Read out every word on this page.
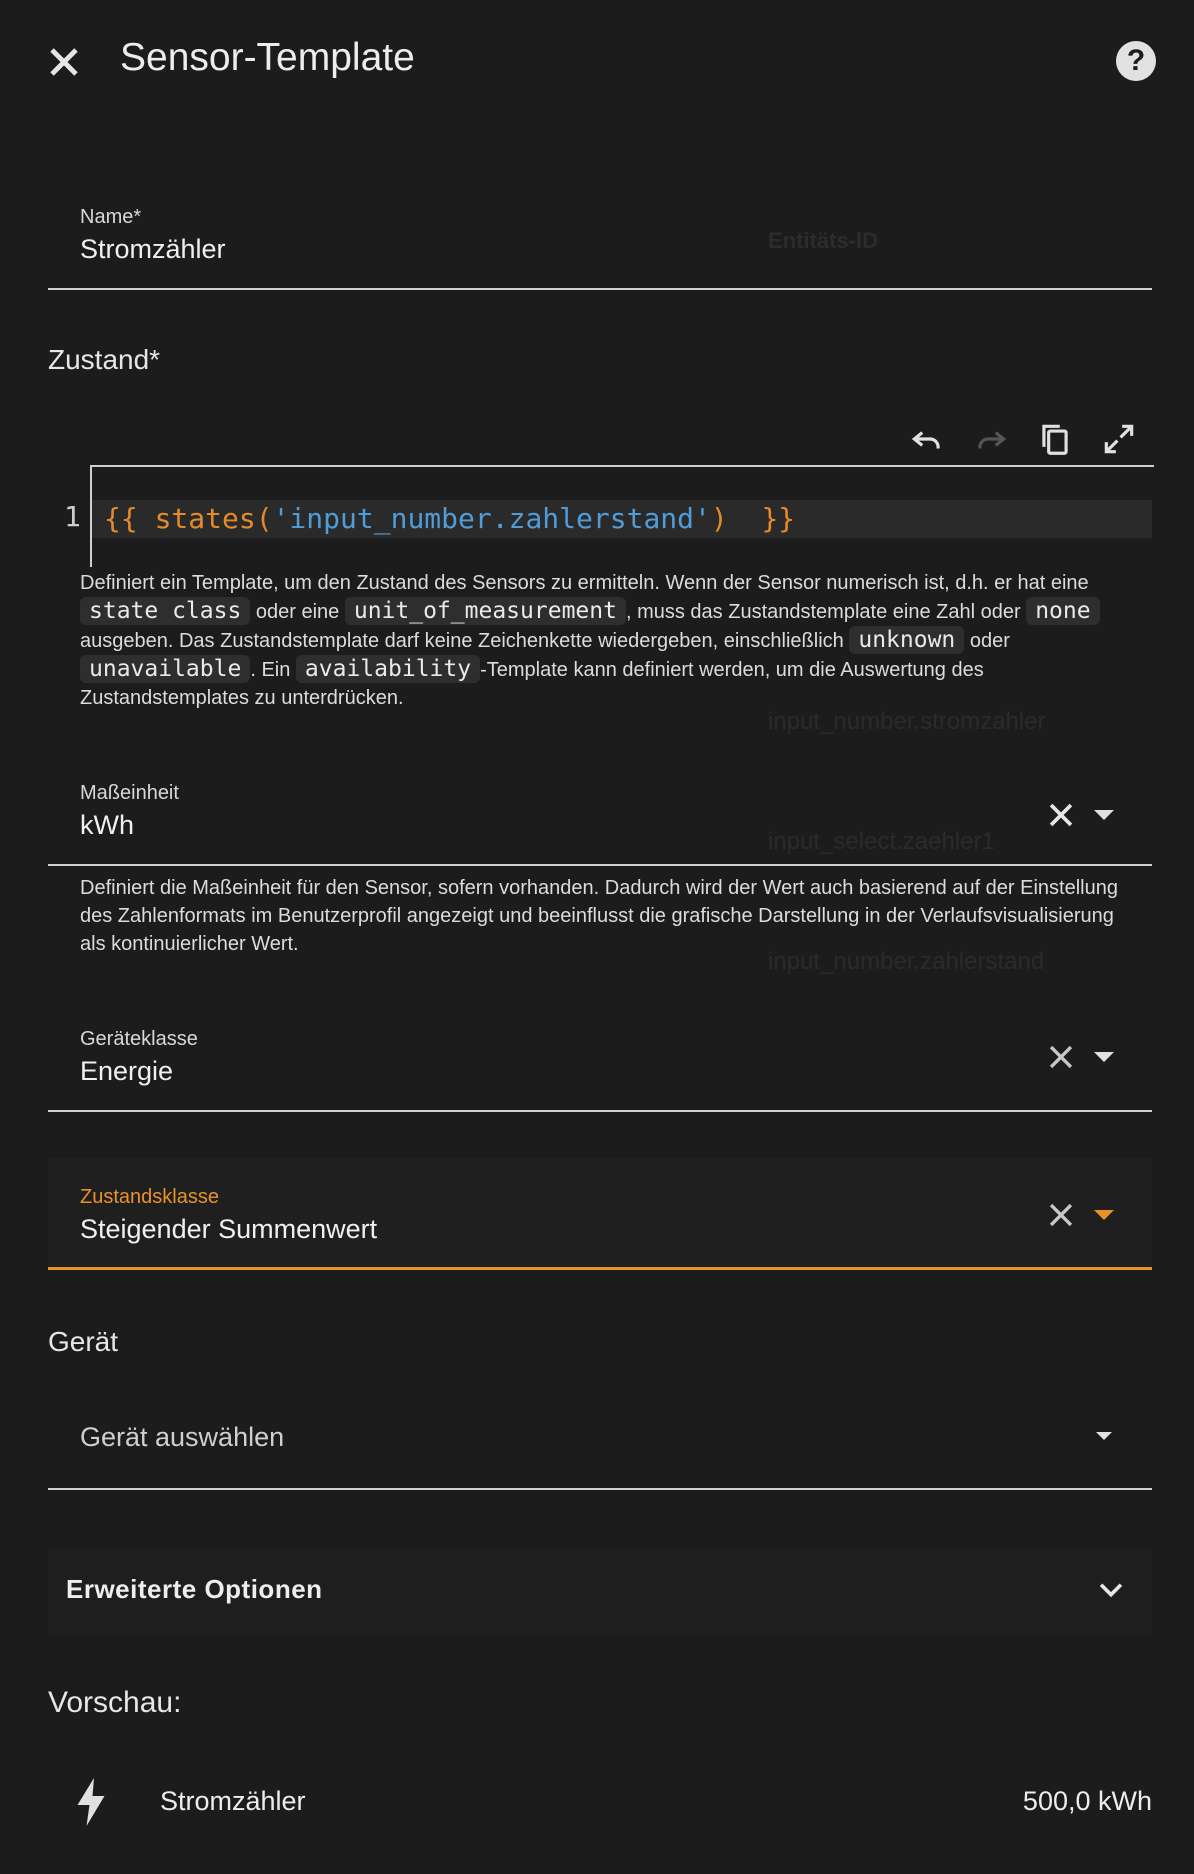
Entitäts-ID
input_number.stromzahler
input_select.zaehler1
input_number.zahlerstand
Sensor-Template	?
Name*
Stromzähler
Zustand*
1 {{ states('input_number.zahlerstand')  }}
Definiert ein Template, um den Zustand des Sensors zu ermitteln. Wenn der Sensor numerisch ist, d.h. er hat eine state class oder eine unit_of_measurement , muss das Zustandstemplate eine Zahl oder none ausgeben. Das Zustandstemplate darf keine Zeichenkette wiedergeben, einschließlich unknown oder unavailable . Ein availability -Template kann definiert werden, um die Auswertung des Zustandstemplates zu unterdrücken.
Maßeinheit
kWh
Definiert die Maßeinheit für den Sensor, sofern vorhanden. Dadurch wird der Wert auch basierend auf der Einstellung des Zahlenformats im Benutzerprofil angezeigt und beeinflusst die grafische Darstellung in der Verlaufsvisualisierung als kontinuierlicher Wert.
Geräteklasse
Energie
Zustandsklasse
Steigender Summenwert
Gerät
Gerät auswählen
Erweiterte Optionen
Vorschau:
Stromzähler	500,0 kWh
